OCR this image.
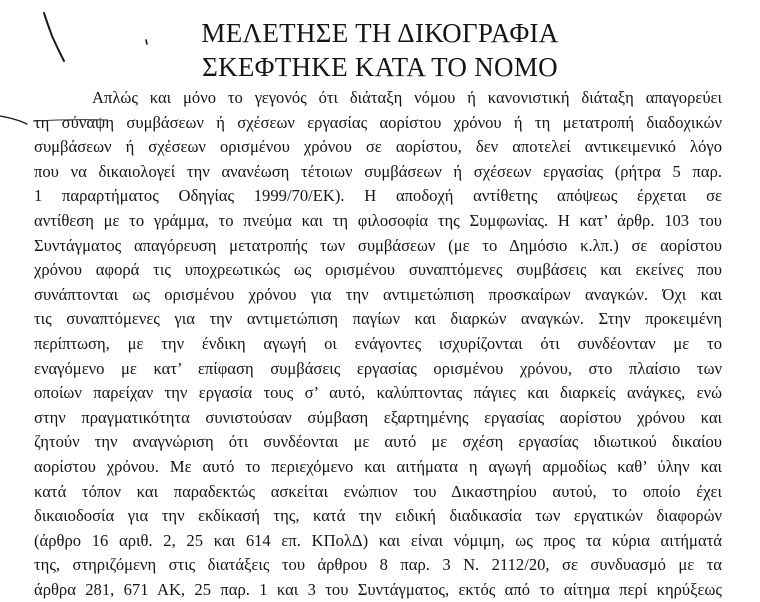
ΜΕΛΕΤΗΣΕ ΤΗ ΔΙΚΟΓΡΑΦΙΑ
ΣΚΕΦΤΗΚΕ ΚΑΤΑ ΤΟ ΝΟΜΟ
Απλώς και μόνο το γεγονός ότι διάταξη νόμου ή κανονιστική διάταξη απαγορεύει
τη σύναψη συμβάσεων ή σχέσεων εργασίας αορίστου χρόνου ή τη μετατροπή διαδοχικών
συμβάσεων ή σχέσεων ορισμένου χρόνου σε αορίστου, δεν αποτελεί αντικειμενικό λόγο
που να δικαιολογεί την ανανέωση τέτοιων συμβάσεων ή σχέσεων εργασίας (ρήτρα 5 παρ.
1 παραρτήματος Οδηγίας 1999/70/ΕΚ). Η αποδοχή αντίθετης απόψεως έρχεται σε
αντίθεση με το γράμμα, το πνεύμα και τη φιλοσοφία της Συμφωνίας. Η κατ’ άρθρ. 103 του
Συντάγματος απαγόρευση μετατροπής των συμβάσεων (με το Δημόσιο κ.λπ.) σε αορίστου
χρόνου αφορά τις υποχρεωτικώς ως ορισμένου συναπτόμενες συμβάσεις και εκείνες που
συνάπτονται ως ορισμένου χρόνου για την αντιμετώπιση προσκαίρων αναγκών. Όχι και
τις συναπτόμενες για την αντιμετώπιση παγίων και διαρκών αναγκών. Στην προκειμένη
περίπτωση, με την ένδικη αγωγή οι ενάγοντες ισχυρίζονται ότι συνδέονταν με το
εναγόμενο με κατ’ επίφαση συμβάσεις εργασίας ορισμένου χρόνου, στο πλαίσιο των
οποίων παρείχαν την εργασία τους σ’ αυτό, καλύπτοντας πάγιες και διαρκείς ανάγκες, ενώ
στην πραγματικότητα συνιστούσαν σύμβαση εξαρτημένης εργασίας αορίστου χρόνου και
ζητούν την αναγνώριση ότι συνδέονται με αυτό με σχέση εργασίας ιδιωτικού δικαίου
αορίστου χρόνου. Με αυτό το περιεχόμενο και αιτήματα η αγωγή αρμοδίως καθ’ ύλην και
κατά τόπον και παραδεκτώς ασκείται ενώπιον του Δικαστηρίου αυτού, το οποίο έχει
δικαιοδοσία για την εκδίκασή της, κατά την ειδική διαδικασία των εργατικών διαφορών
(άρθρο 16 αριθ. 2, 25 και 614 επ. ΚΠολΔ) και είναι νόμιμη, ως προς τα κύρια αιτήματά
της, στηριζόμενη στις διατάξεις του άρθρου 8 παρ. 3 Ν. 2112/20, σε συνδυασμό με τα
άρθρα 281, 671 ΑΚ, 25 παρ. 1 και 3 του Συντάγματος, εκτός από το αίτημα περί κηρύξεως
